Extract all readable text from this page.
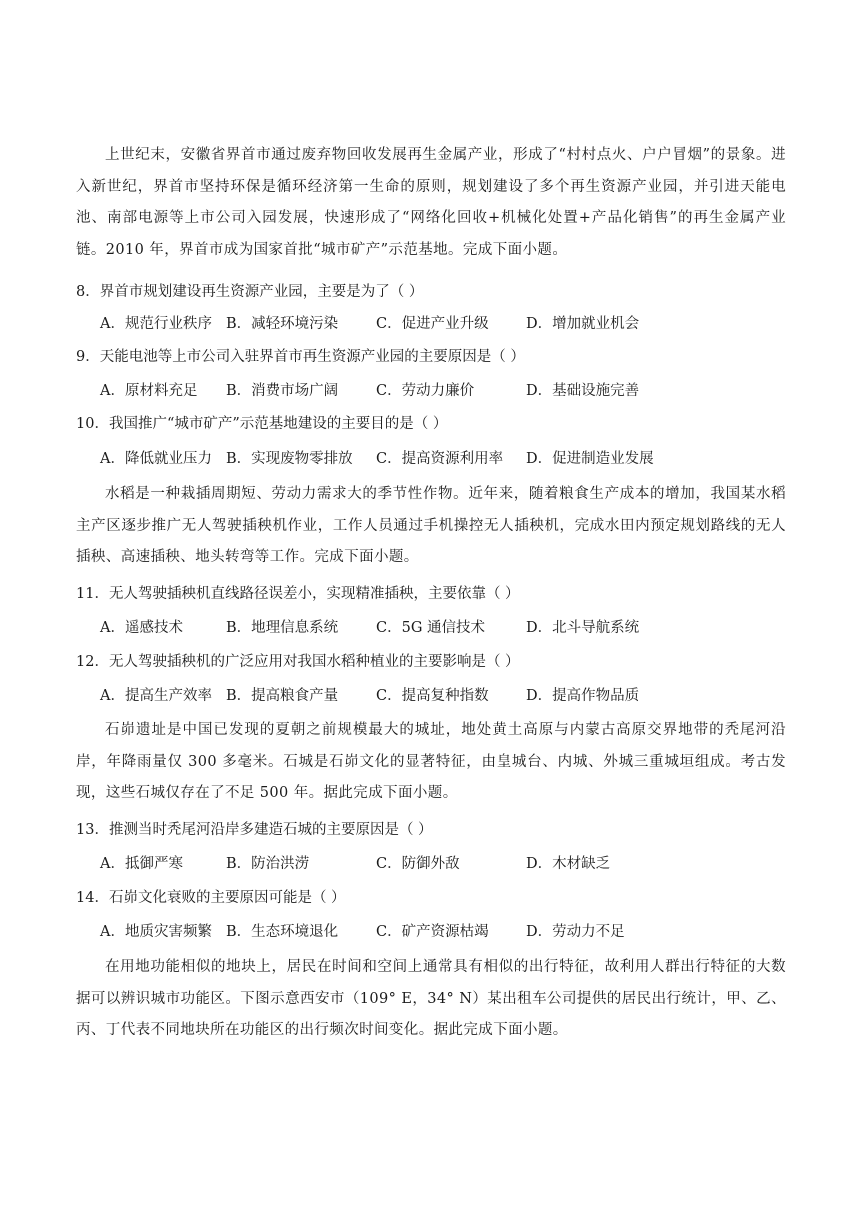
上世纪末，安徽省界首市通过废弃物回收发展再生金属产业，形成了“村村点火、户户冒烟”的景象。进入新世纪，界首市坚持环保是循环经济第一生命的原则，规划建设了多个再生资源产业园，并引进天能电池、南部电源等上市公司入园发展，快速形成了“网络化回收+机械化处置+产品化销售”的再生金属产业链。2010 年，界首市成为国家首批“城市矿产”示范基地。完成下面小题。
8．界首市规划建设再生资源产业园，主要是为了（ ）
A．规范行业秩序 B．减轻环境污染	C．促进产业升级	D．增加就业机会
9．天能电池等上市公司入驻界首市再生资源产业园的主要原因是（ ）
A．原材料充足 B．消费市场广阔	C．劳动力廉价	D．基础设施完善
10．我国推广“城市矿产”示范基地建设的主要目的是（ ）
A．降低就业压力 B．实现废物零排放 C．提高资源利用率 D．促进制造业发展
水稻是一种栽插周期短、劳动力需求大的季节性作物。近年来，随着粮食生产成本的增加，我国某水稻主产区逐步推广无人驾驶插秧机作业，工作人员通过手机操控无人插秧机，完成水田内预定规划路线的无人插秧、高速插秧、地头转弯等工作。完成下面小题。
11．无人驾驶插秧机直线路径误差小，实现精准插秧，主要依靠（ ）
A．遥感技术	B．地理信息系统	C．5G 通信技术	D．北斗导航系统
12．无人驾驶插秧机的广泛应用对我国水稻种植业的主要影响是（ ）
A．提高生产效率 B．提高粮食产量	C．提高复种指数	D．提高作物品质
石峁遗址是中国已发现的夏朝之前规模最大的城址，地处黄土高原与内蒙古高原交界地带的秃尾河沿岸，年降雨量仅 300 多毫米。石城是石峁文化的显著特征，由皇城台、内城、外城三重城垣组成。考古发现，这些石城仅存在了不足 500 年。据此完成下面小题。
13．推测当时秃尾河沿岸多建造石城的主要原因是（ ）
A．抵御严寒	B．防治洪涝	C．防御外敌	D．木材缺乏
14．石峁文化衰败的主要原因可能是（ ）
A．地质灾害频繁 B．生态环境退化	C．矿产资源枯竭	D．劳动力不足
在用地功能相似的地块上，居民在时间和空间上通常具有相似的出行特征，故利用人群出行特征的大数据可以辨识城市功能区。下图示意西安市（109° E，34° N）某出租车公司提供的居民出行统计，甲、乙、丙、丁代表不同地块所在功能区的出行频次时间变化。据此完成下面小题。
